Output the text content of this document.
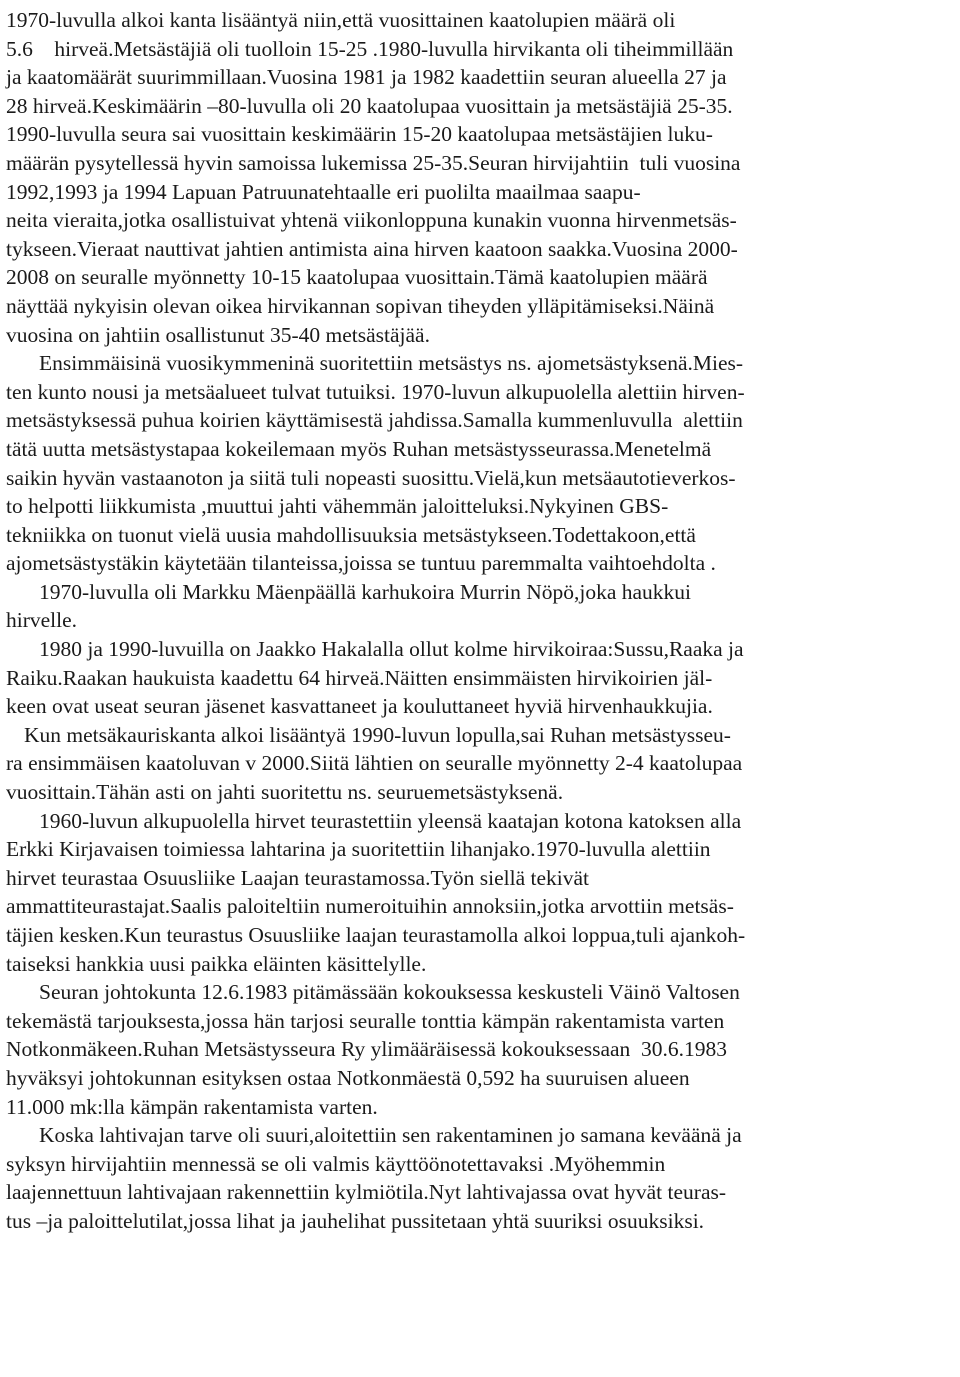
1970-luvulla alkoi kanta lisääntyä niin,että vuosittainen kaatolupien määrä oli
5.6    hirveä.Metsästäjiä oli tuolloin 15-25 .1980-luvulla hirvikanta oli tiheimmillään
ja kaatomäärät suurimmillaan.Vuosina 1981 ja 1982 kaadettiin seuran alueella 27 ja
28 hirveä.Keskimäärin –80-luvulla oli 20 kaatolupaa vuosittain ja metsästäjiä 25-35.
1990-luvulla seura sai vuosittain keskimäärin 15-20 kaatolupaa metsästäjien luku-
määrän pysytellessä hyvin samoissa lukemissa 25-35.Seuran hirvijahtiin  tuli vuosina
1992,1993 ja 1994 Lapuan Patruunatehtaalle eri puolilta maailmaa saapu-
neita vieraita,jotka osallistuivat yhtenä viikonloppuna kunakin vuonna hirvenmetsäs-
tykseen.Vieraat nauttivat jahtien antimista aina hirven kaatoon saakka.Vuosina 2000-
2008 on seuralle myönnetty 10-15 kaatolupaa vuosittain.Tämä kaatolupien määrä
näyttää nykyisin olevan oikea hirvikannan sopivan tiheyden ylläpitämiseksi.Näinä
vuosina on jahtiin osallistunut 35-40 metsästäjää.
Ensimmäisinä vuosikymmeninä suoritettiin metsästys ns. ajometsästyksenä.Mies-
ten kunto nousi ja metsäalueet tulvat tutuiksi. 1970-luvun alkupuolella alettiin hirven-
metsästyksessä puhua koirien käyttämisestä jahdissa.Samalla kummenluvulla  alettiin
tätä uutta metsästystapaa kokeilemaan myös Ruhan metsästysseurassa.Menetelmä
saikin hyvän vastaanoton ja siitä tuli nopeasti suosittu.Vielä,kun metsäautotieverkos-
to helpotti liikkumista ,muuttui jahti vähemmän jaloitteluksi.Nykyinen GBS-
tekniikka on tuonut vielä uusia mahdollisuuksia metsästykseen.Todettakoon,että
ajometsästystäkin käytetään tilanteissa,joissa se tuntuu paremmalta vaihtoehdolta .
1970-luvulla oli Markku Mäenpäällä karhukoira Murrin Nöpö,joka haukkui
hirvelle.
1980 ja 1990-luvuilla on Jaakko Hakalalla ollut kolme hirvikoiraa:Sussu,Raaka ja
Raiku.Raakan haukuista kaadettu 64 hirveä.Näitten ensimmäisten hirvikoirien jäl-
keen ovat useat seuran jäsenet kasvattaneet ja kouluttaneet hyviä hirvenhaukkujia.
Kun metsäkauriskanta alkoi lisääntyä 1990-luvun lopulla,sai Ruhan metsästysseu-
ra ensimmäisen kaatoluvan v 2000.Siitä lähtien on seuralle myönnetty 2-4 kaatolupaa
vuosittain.Tähän asti on jahti suoritettu ns. seuruemetsästyksenä.
1960-luvun alkupuolella hirvet teurastettiin yleensä kaatajan kotona katoksen alla
Erkki Kirjavaisen toimiessa lahtarina ja suoritettiin lihanjako.1970-luvulla alettiin
hirvet teurastaa Osuusliike Laajan teurastamossa.Työn siellä tekivät
ammattiteurastajat.Saalis paloiteltiin numeroituihin annoksiin,jotka arvottiin metsäs-
täjien kesken.Kun teurastus Osuusliike laajan teurastamolla alkoi loppua,tuli ajankoh-
taiseksi hankkia uusi paikka eläinten käsittelylle.
Seuran johtokunta 12.6.1983 pitämässään kokouksessa keskusteli Väinö Valtosen
tekemästä tarjouksesta,jossa hän tarjosi seuralle tonttia kämpän rakentamista varten
Notkonmäkeen.Ruhan Metsästysseura Ry ylimääräisessä kokouksessaan  30.6.1983
hyväksyi johtokunnan esityksen ostaa Notkonmäestä 0,592 ha suuruisen alueen
11.000 mk:lla kämpän rakentamista varten.
Koska lahtivajan tarve oli suuri,aloitettiin sen rakentaminen jo samana keväänä ja
syksyn hirvijahtiin mennessä se oli valmis käyttöönotettavaksi .Myöhemmin
laajennettuun lahtivajaan rakennettiin kylmiötila.Nyt lahtivajassa ovat hyvät teuras-
tus –ja paloittelutilat,jossa lihat ja jauhelihat pussitetaan yhtä suuriksi osuuksiksi.
